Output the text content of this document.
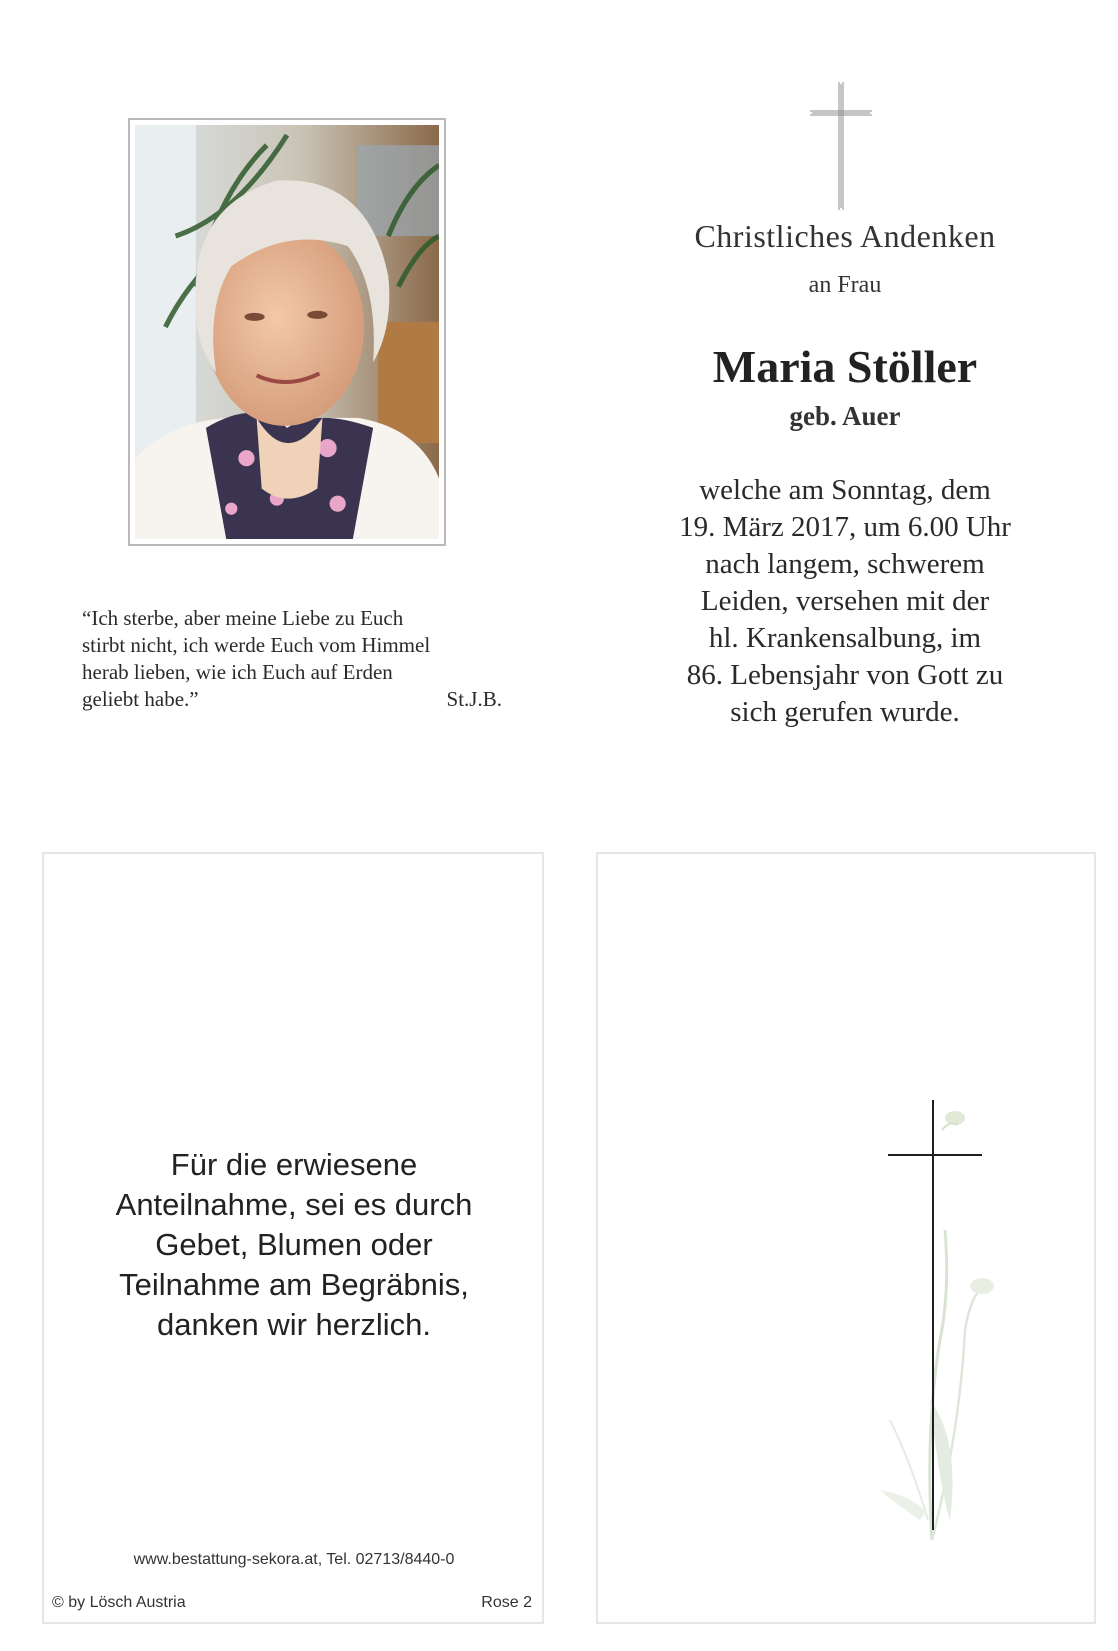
“Ich sterbe, aber meine Liebe zu Euch
stirbt nicht, ich werde Euch vom Himmel
herab lieben, wie ich Euch auf Erden
geliebt habe.”	St.J.B.
Christliches Andenken
an Frau
Maria Stöller
geb. Auer
welche am Sonntag, dem
19. März 2017, um 6.00 Uhr
nach langem, schwerem
Leiden, versehen mit der
hl. Krankensalbung, im
86. Lebensjahr von Gott zu
sich gerufen wurde.
Für die erwiesene
Anteilnahme, sei es durch
Gebet, Blumen oder
Teilnahme am Begräbnis,
danken wir herzlich.
www.bestattung-sekora.at, Tel. 02713/8440-0
© by Lösch Austria	Rose 2
